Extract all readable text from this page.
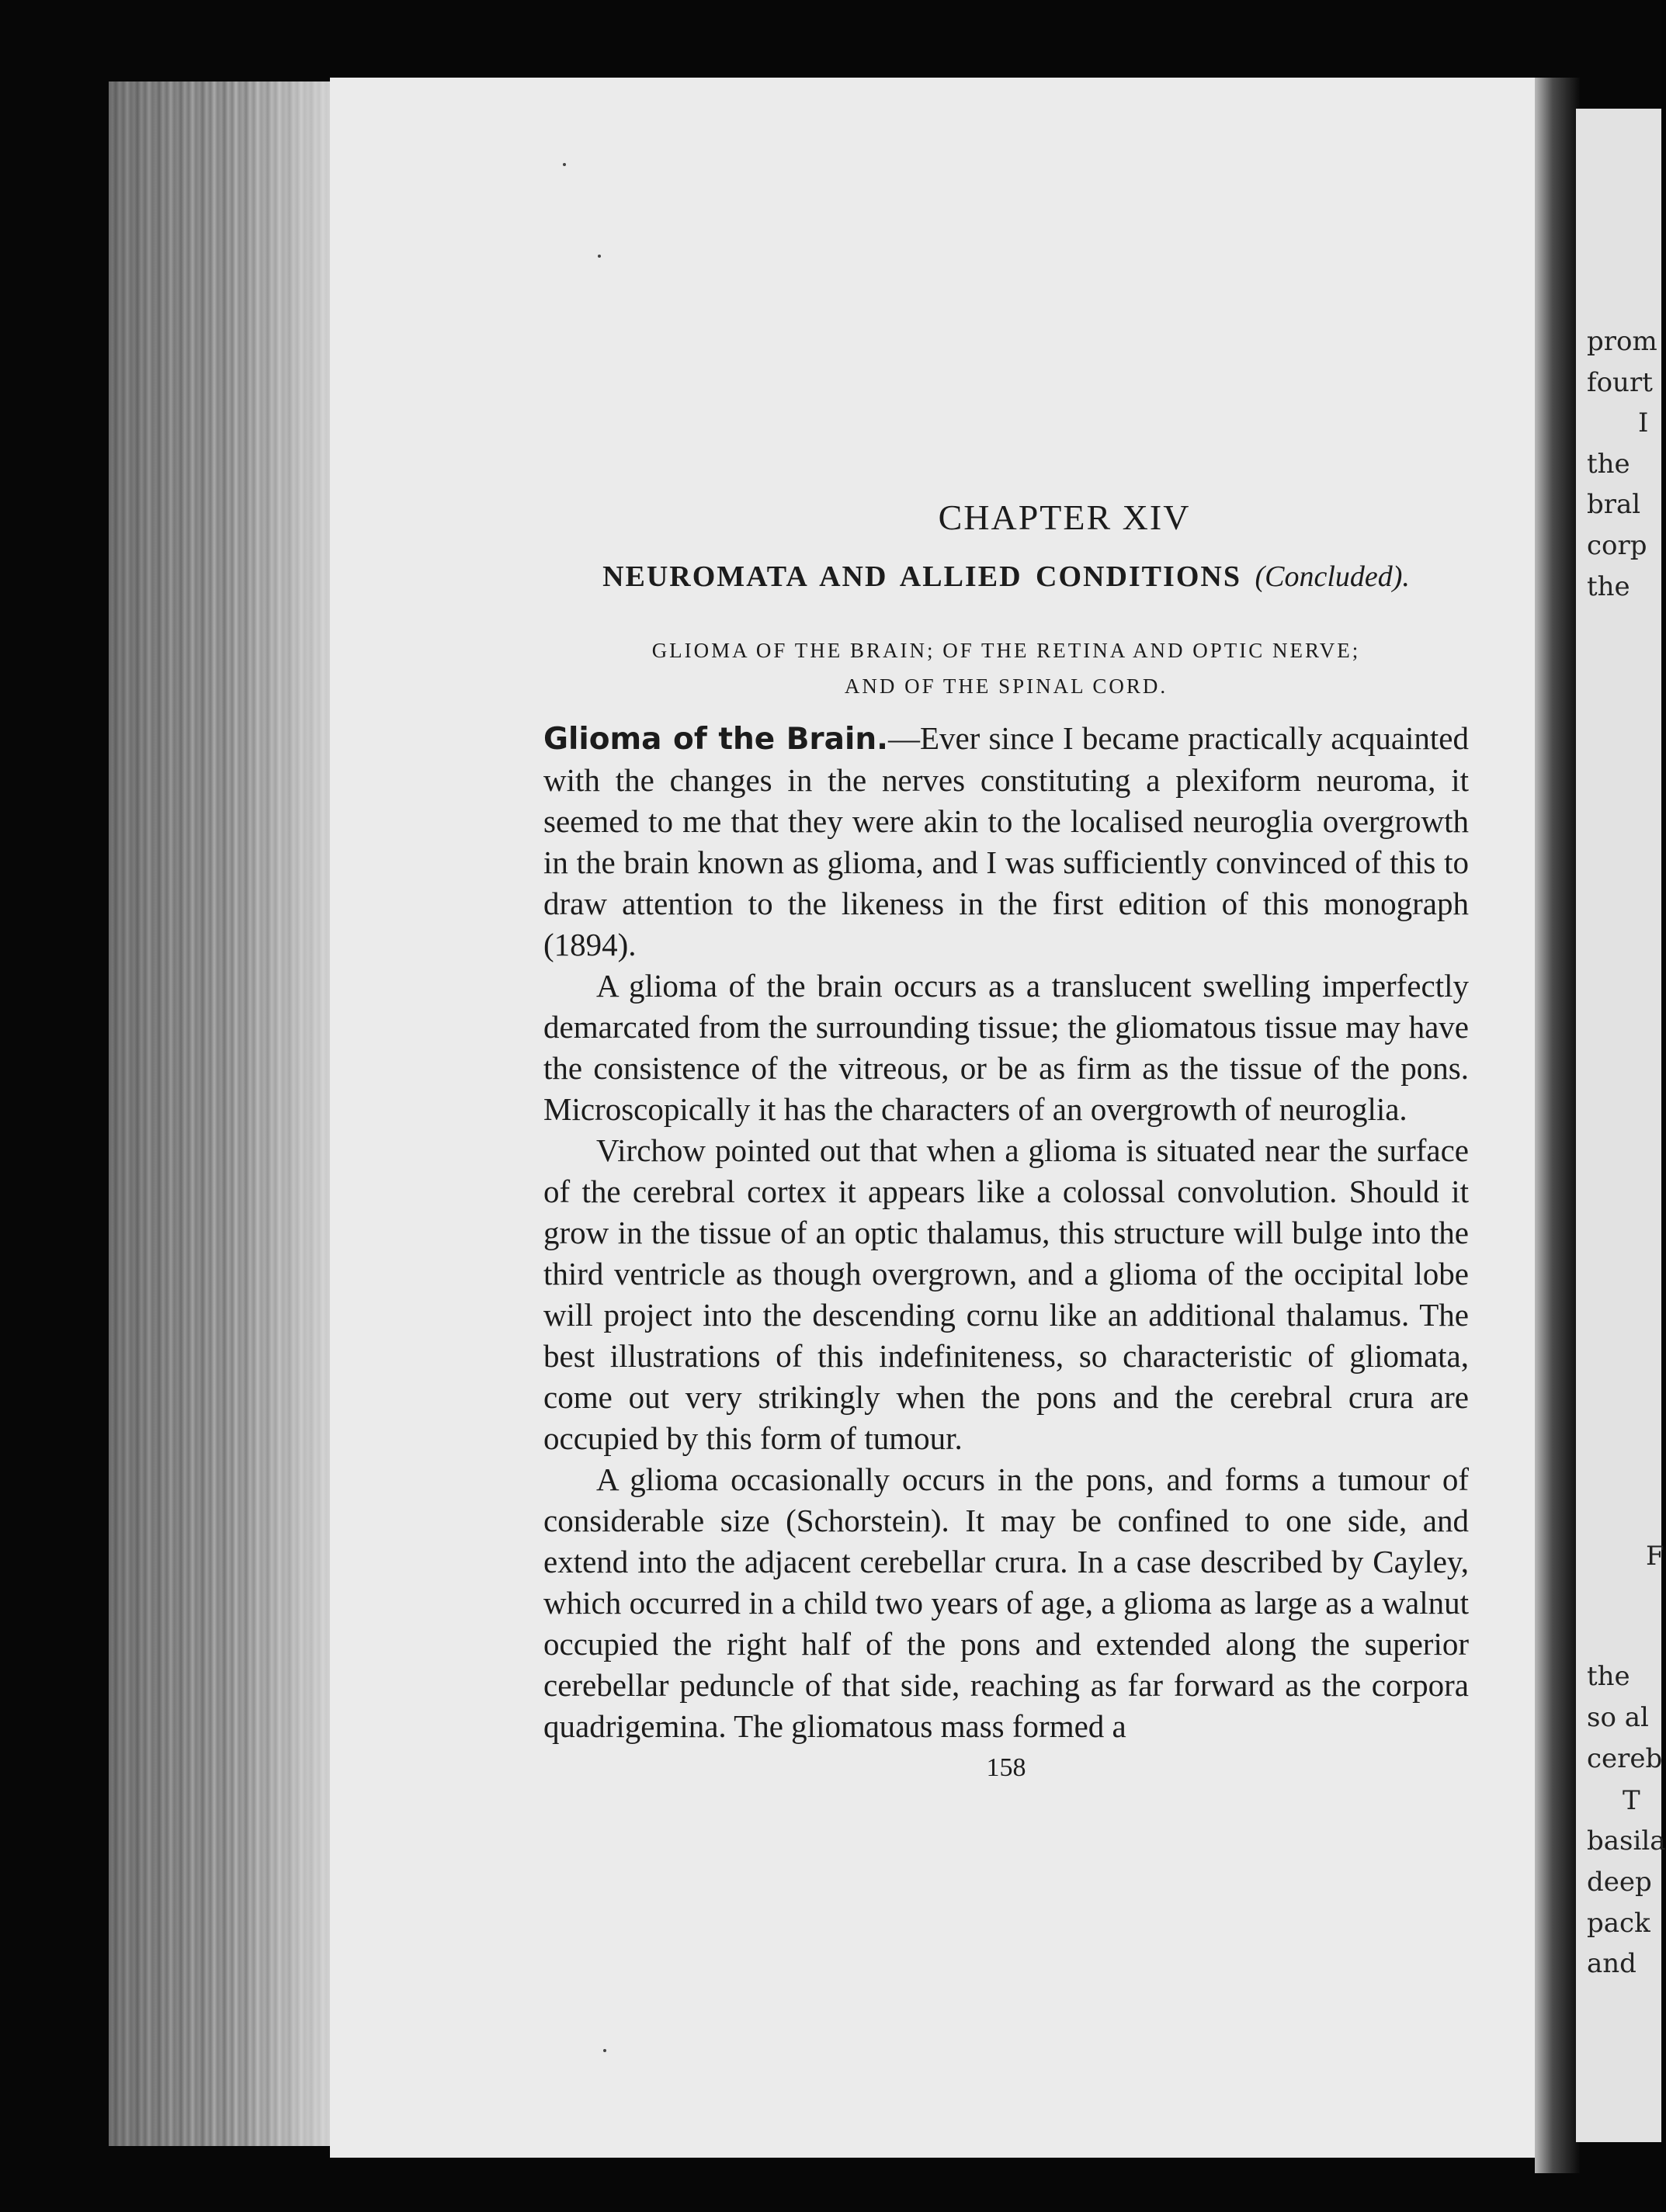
prom
fourt
I
the
bral
corp
the
F
the
so al
cereb
T
basila
deep
pack
and
CHAPTER XIV
NEUROMATA AND ALLIED CONDITIONS (Concluded).
GLIOMA OF THE BRAIN; OF THE RETINA AND OPTIC NERVE;
AND OF THE SPINAL CORD.

Glioma of the Brain.—Ever since I became practically acquainted with the changes in the nerves constituting a plexiform neuroma, it seemed to me that they were akin to the localised neuroglia overgrowth in the brain known as glioma, and I was sufficiently convinced of this to draw attention to the likeness in the first edition of this monograph (1894).

A glioma of the brain occurs as a translucent swelling imperfectly demarcated from the surrounding tissue; the gliomatous tissue may have the consistence of the vitreous, or be as firm as the tissue of the pons. Microscopically it has the characters of an overgrowth of neuroglia.

Virchow pointed out that when a glioma is situated near the surface of the cerebral cortex it appears like a colossal convolution. Should it grow in the tissue of an optic thalamus, this structure will bulge into the third ventricle as though overgrown, and a glioma of the occipital lobe will project into the descending cornu like an additional thalamus. The best illustrations of this indefiniteness, so characteristic of gliomata, come out very strikingly when the pons and the cerebral crura are occupied by this form of tumour.

A glioma occasionally occurs in the pons, and forms a tumour of considerable size (Schorstein). It may be confined to one side, and extend into the adjacent cerebellar crura. In a case described by Cayley, which occurred in a child two years of age, a glioma as large as a walnut occupied the right half of the pons and extended along the superior cerebellar peduncle of that side, reaching as far forward as the corpora quadrigemina. The gliomatous mass formed a

158
